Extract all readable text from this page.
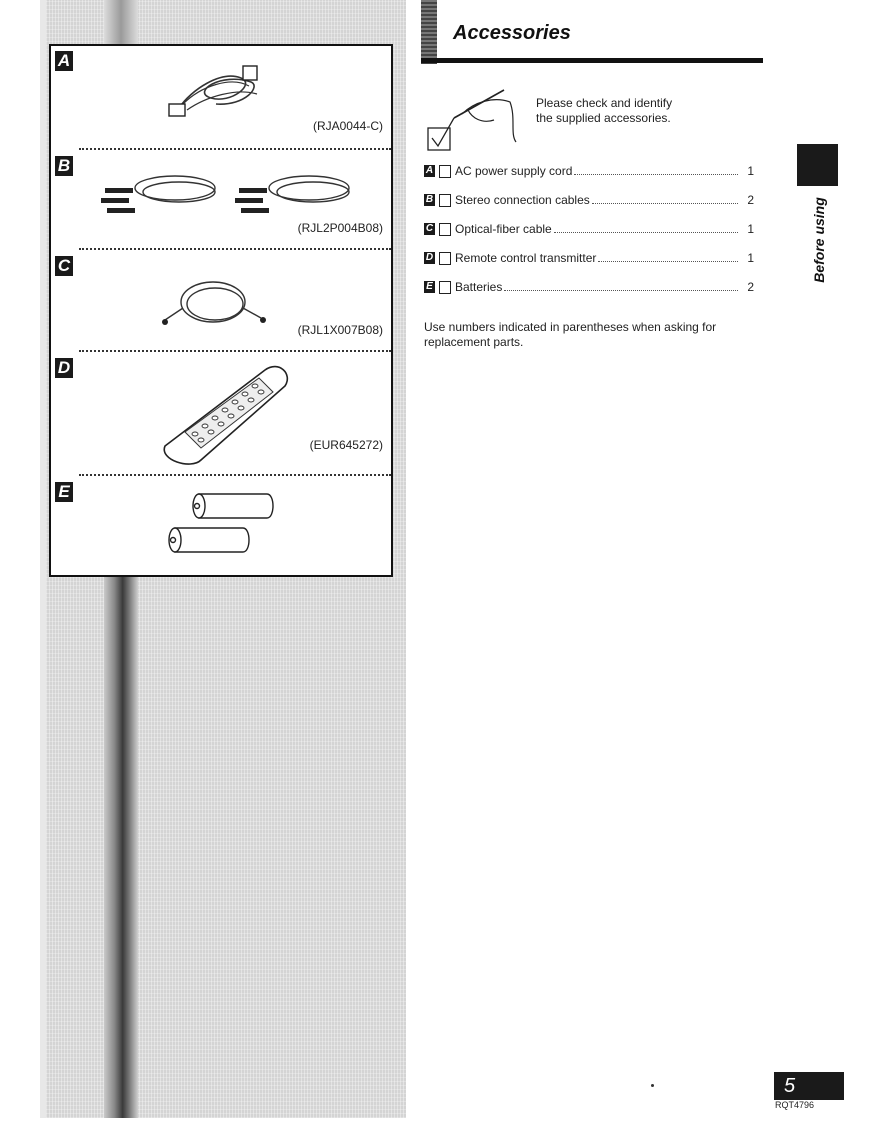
A
(RJA0044-C)
B
(RJL2P004B08)
C
(RJL1X007B08)
D
(EUR645272)
E
Accessories
Please check and identify
the supplied accessories.
A AC power supply cord	1
B Stereo connection cables	2
C Optical-fiber cable	1
D Remote control transmitter	1
E Batteries	2
Use numbers indicated in parentheses when asking for replacement parts.
Before using
5
RQT4796
